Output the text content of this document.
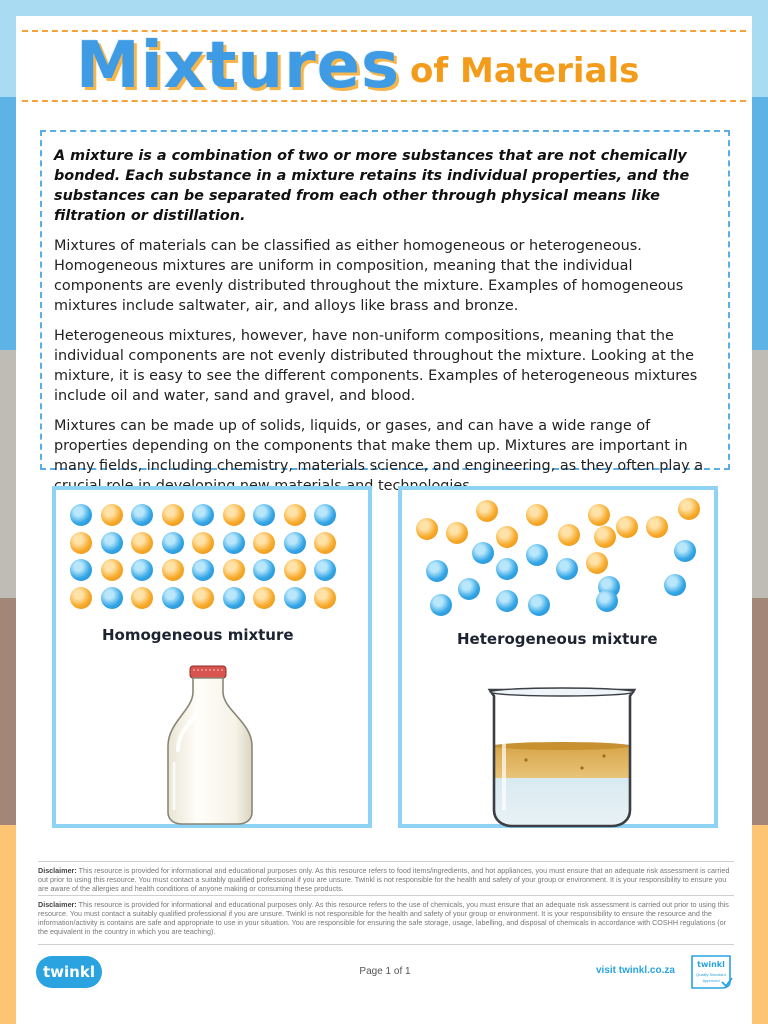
Mixtures of Materials

A mixture is a combination of two or more substances that are not chemically bonded. Each substance in a mixture retains its individual properties, and the substances can be separated from each other through physical means like filtration or distillation.

Mixtures of materials can be classified as either homogeneous or heterogeneous. Homogeneous mixtures are uniform in composition, meaning that the individual components are evenly distributed throughout the mixture. Examples of homogeneous mixtures include saltwater, air, and alloys like brass and bronze.

Heterogeneous mixtures, however, have non-uniform compositions, meaning that the individual components are not evenly distributed throughout the mixture. Looking at the mixture, it is easy to see the different components. Examples of heterogeneous mixtures include oil and water, sand and gravel, and blood.

Mixtures can be made up of solids, liquids, or gases, and can have a wide range of properties depending on the components that make them up. Mixtures are important in many fields, including chemistry, materials science, and engineering, as they often play a

Homogeneous mixture	Heterogeneous mixture
Disclaimer: This resource is provided for informational and educational purposes only. As this resource refers to food items/ingredients, and hot appliances, you must ensure that an adequate risk assessment is carried out prior to using this resource. You must contact a suitably qualified professional if you are unsure. Twinkl is not responsible for the health and safety of your group or environment. It is your responsibility to ensure you are aware of the allergies and health conditions of anyone making or consuming these products.
Disclaimer: This resource is provided for informational and educational purposes only. As this resource refers to the use of chemicals, you must ensure that an adequate risk assessment is carried out prior to using this resource. You must contact a suitably qualified professional if you are unsure. Twinkl is not responsible for the health and safety of your group or environment. It is your responsibility to ensure the resource and the information/activity is contains are safe and appropriate to use in your situation. You are responsible for ensuring the safe storage, usage, labelling, and disposal of chemicals in accordance with COSHH regulations (or the equivalent in the country in which you are teaching).
twinkl	Page 1 of 1	visit twinkl.co.za
twinkl
Quality Standard
Approved
